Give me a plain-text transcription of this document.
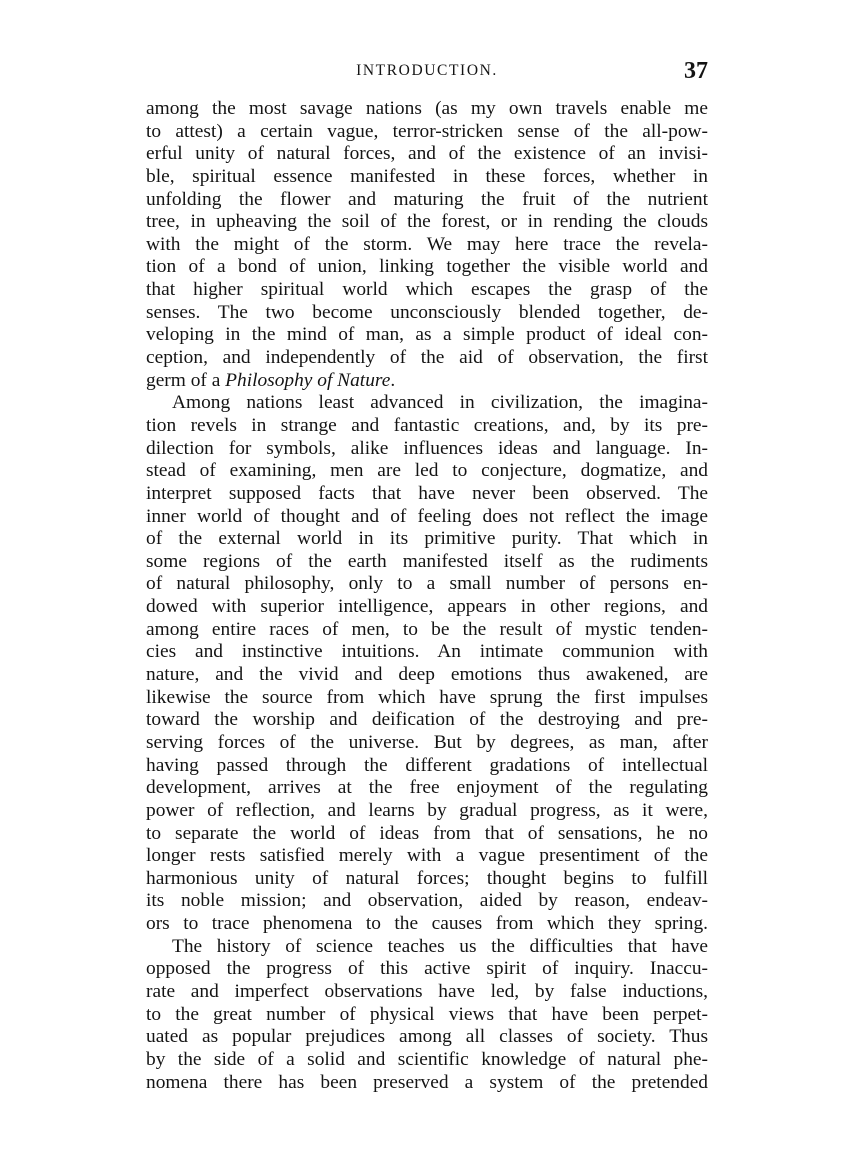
INTRODUCTION.	37
among the most savage nations (as my own travels enable me
to attest) a certain vague, terror-stricken sense of the all-pow-
erful unity of natural forces, and of the existence of an invisi-
ble, spiritual essence manifested in these forces, whether in
unfolding the flower and maturing the fruit of the nutrient
tree, in upheaving the soil of the forest, or in rending the clouds
with the might of the storm. We may here trace the revela-
tion of a bond of union, linking together the visible world and
that higher spiritual world which escapes the grasp of the
senses. The two become unconsciously blended together, de-
veloping in the mind of man, as a simple product of ideal con-
ception, and independently of the aid of observation, the first
germ of a Philosophy of Nature.
Among nations least advanced in civilization, the imagina-
tion revels in strange and fantastic creations, and, by its pre-
dilection for symbols, alike influences ideas and language. In-
stead of examining, men are led to conjecture, dogmatize, and
interpret supposed facts that have never been observed. The
inner world of thought and of feeling does not reflect the image
of the external world in its primitive purity. That which in
some regions of the earth manifested itself as the rudiments
of natural philosophy, only to a small number of persons en-
dowed with superior intelligence, appears in other regions, and
among entire races of men, to be the result of mystic tenden-
cies and instinctive intuitions. An intimate communion with
nature, and the vivid and deep emotions thus awakened, are
likewise the source from which have sprung the first impulses
toward the worship and deification of the destroying and pre-
serving forces of the universe. But by degrees, as man, after
having passed through the different gradations of intellectual
development, arrives at the free enjoyment of the regulating
power of reflection, and learns by gradual progress, as it were,
to separate the world of ideas from that of sensations, he no
longer rests satisfied merely with a vague presentiment of the
harmonious unity of natural forces; thought begins to fulfill
its noble mission; and observation, aided by reason, endeav-
ors to trace phenomena to the causes from which they spring.
The history of science teaches us the difficulties that have
opposed the progress of this active spirit of inquiry. Inaccu-
rate and imperfect observations have led, by false inductions,
to the great number of physical views that have been perpet-
uated as popular prejudices among all classes of society. Thus
by the side of a solid and scientific knowledge of natural phe-
nomena there has been preserved a system of the pretended
